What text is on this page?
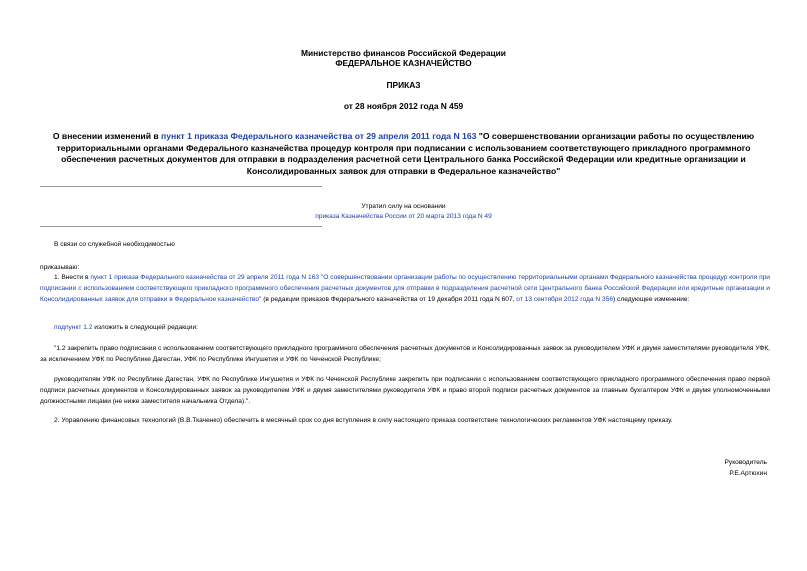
Министерство финансов Российской Федерации
ФЕДЕРАЛЬНОЕ КАЗНАЧЕЙСТВО
ПРИКАЗ
от 28 ноября 2012 года N 459
О внесении изменений в пункт 1 приказа Федерального казначейства от 29 апреля 2011 года N 163 "О совершенствовании организации работы по осуществлению территориальными органами Федерального казначейства процедур контроля при подписании с использованием соответствующего прикладного программного обеспечения расчетных документов для отправки в подразделения расчетной сети Центрального банка Российской Федерации или кредитные организации и Консолидированных заявок для отправки в Федеральное казначейство"
Утратил силу на основании
приказа Казначейства России от 20 марта 2013 года N 49
В связи со служебной необходимостью
приказываю:
1. Внести в пункт 1 приказа Федерального казначейства от 29 апреля 2011 года N 163 "О совершенствовании организации работы по осуществлению территориальными органами Федерального казначейства процедур контроля при подписании с использованием соответствующего прикладного программного обеспечения расчетных документов для отправки в подразделения расчетной сети Центрального банка Российской Федерации или кредитные организации и Консолидированных заявок для отправки в Федеральное казначейство" (в редакции приказов Федерального казначейства от 19 декабря 2011 года N 607, от 13 сентября 2012 года N 356) следующее изменение:
подпункт 1.2 изложить в следующей редакции:
"1.2 закрепить право подписания с использованием соответствующего прикладного программного обеспечения расчетных документов и Консолидированных заявок за руководителем УФК и двумя заместителями руководителя УФК, за исключением УФК по Республике Дагестан, УФК по Республике Ингушетия и УФК по Чеченской Республике;
руководителям УФК по Республике Дагестан, УФК по Республике Ингушетия и УФК по Чеченской Республике закрепить при подписании с использованием соответствующего прикладного программного обеспечения право первой подписи расчетных документов и Консолидированных заявок за руководителем УФК и двумя заместителями руководителя УФК и право второй подписи расчетных документов за главным бухгалтером УФК и двумя уполномоченными должностными лицами (не ниже заместителя начальника Отдела).".
2. Управлению финансовых технологий (В.В.Ткаченко) обеспечить в месячный срок со дня вступления в силу настоящего приказа соответствие технологических регламентов УФК настоящему приказу.
Руководитель
Р.Е.Артюхин
